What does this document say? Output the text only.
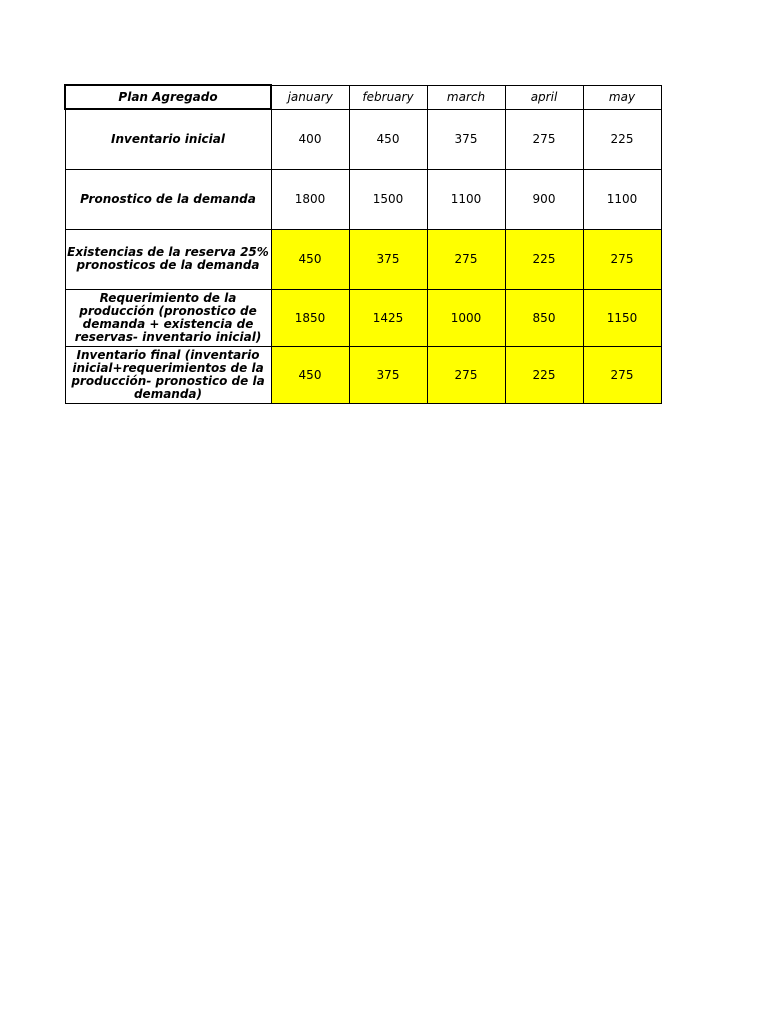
Plan Agregado	january	february	march	april	may
Inventario inicial	400	450	375	275	225
Pronostico de la demanda	1800	1500	1100	900	1100
Existencias de la reserva 25% pronosticos de la demanda	450	375	275	225	275
Requerimiento de la producción (pronostico de demanda + existencia de reservas- inventario inicial)	1850	1425	1000	850	1150
Inventario final (inventario inicial+requerimientos de la producción- pronostico de la demanda)	450	375	275	225	275
